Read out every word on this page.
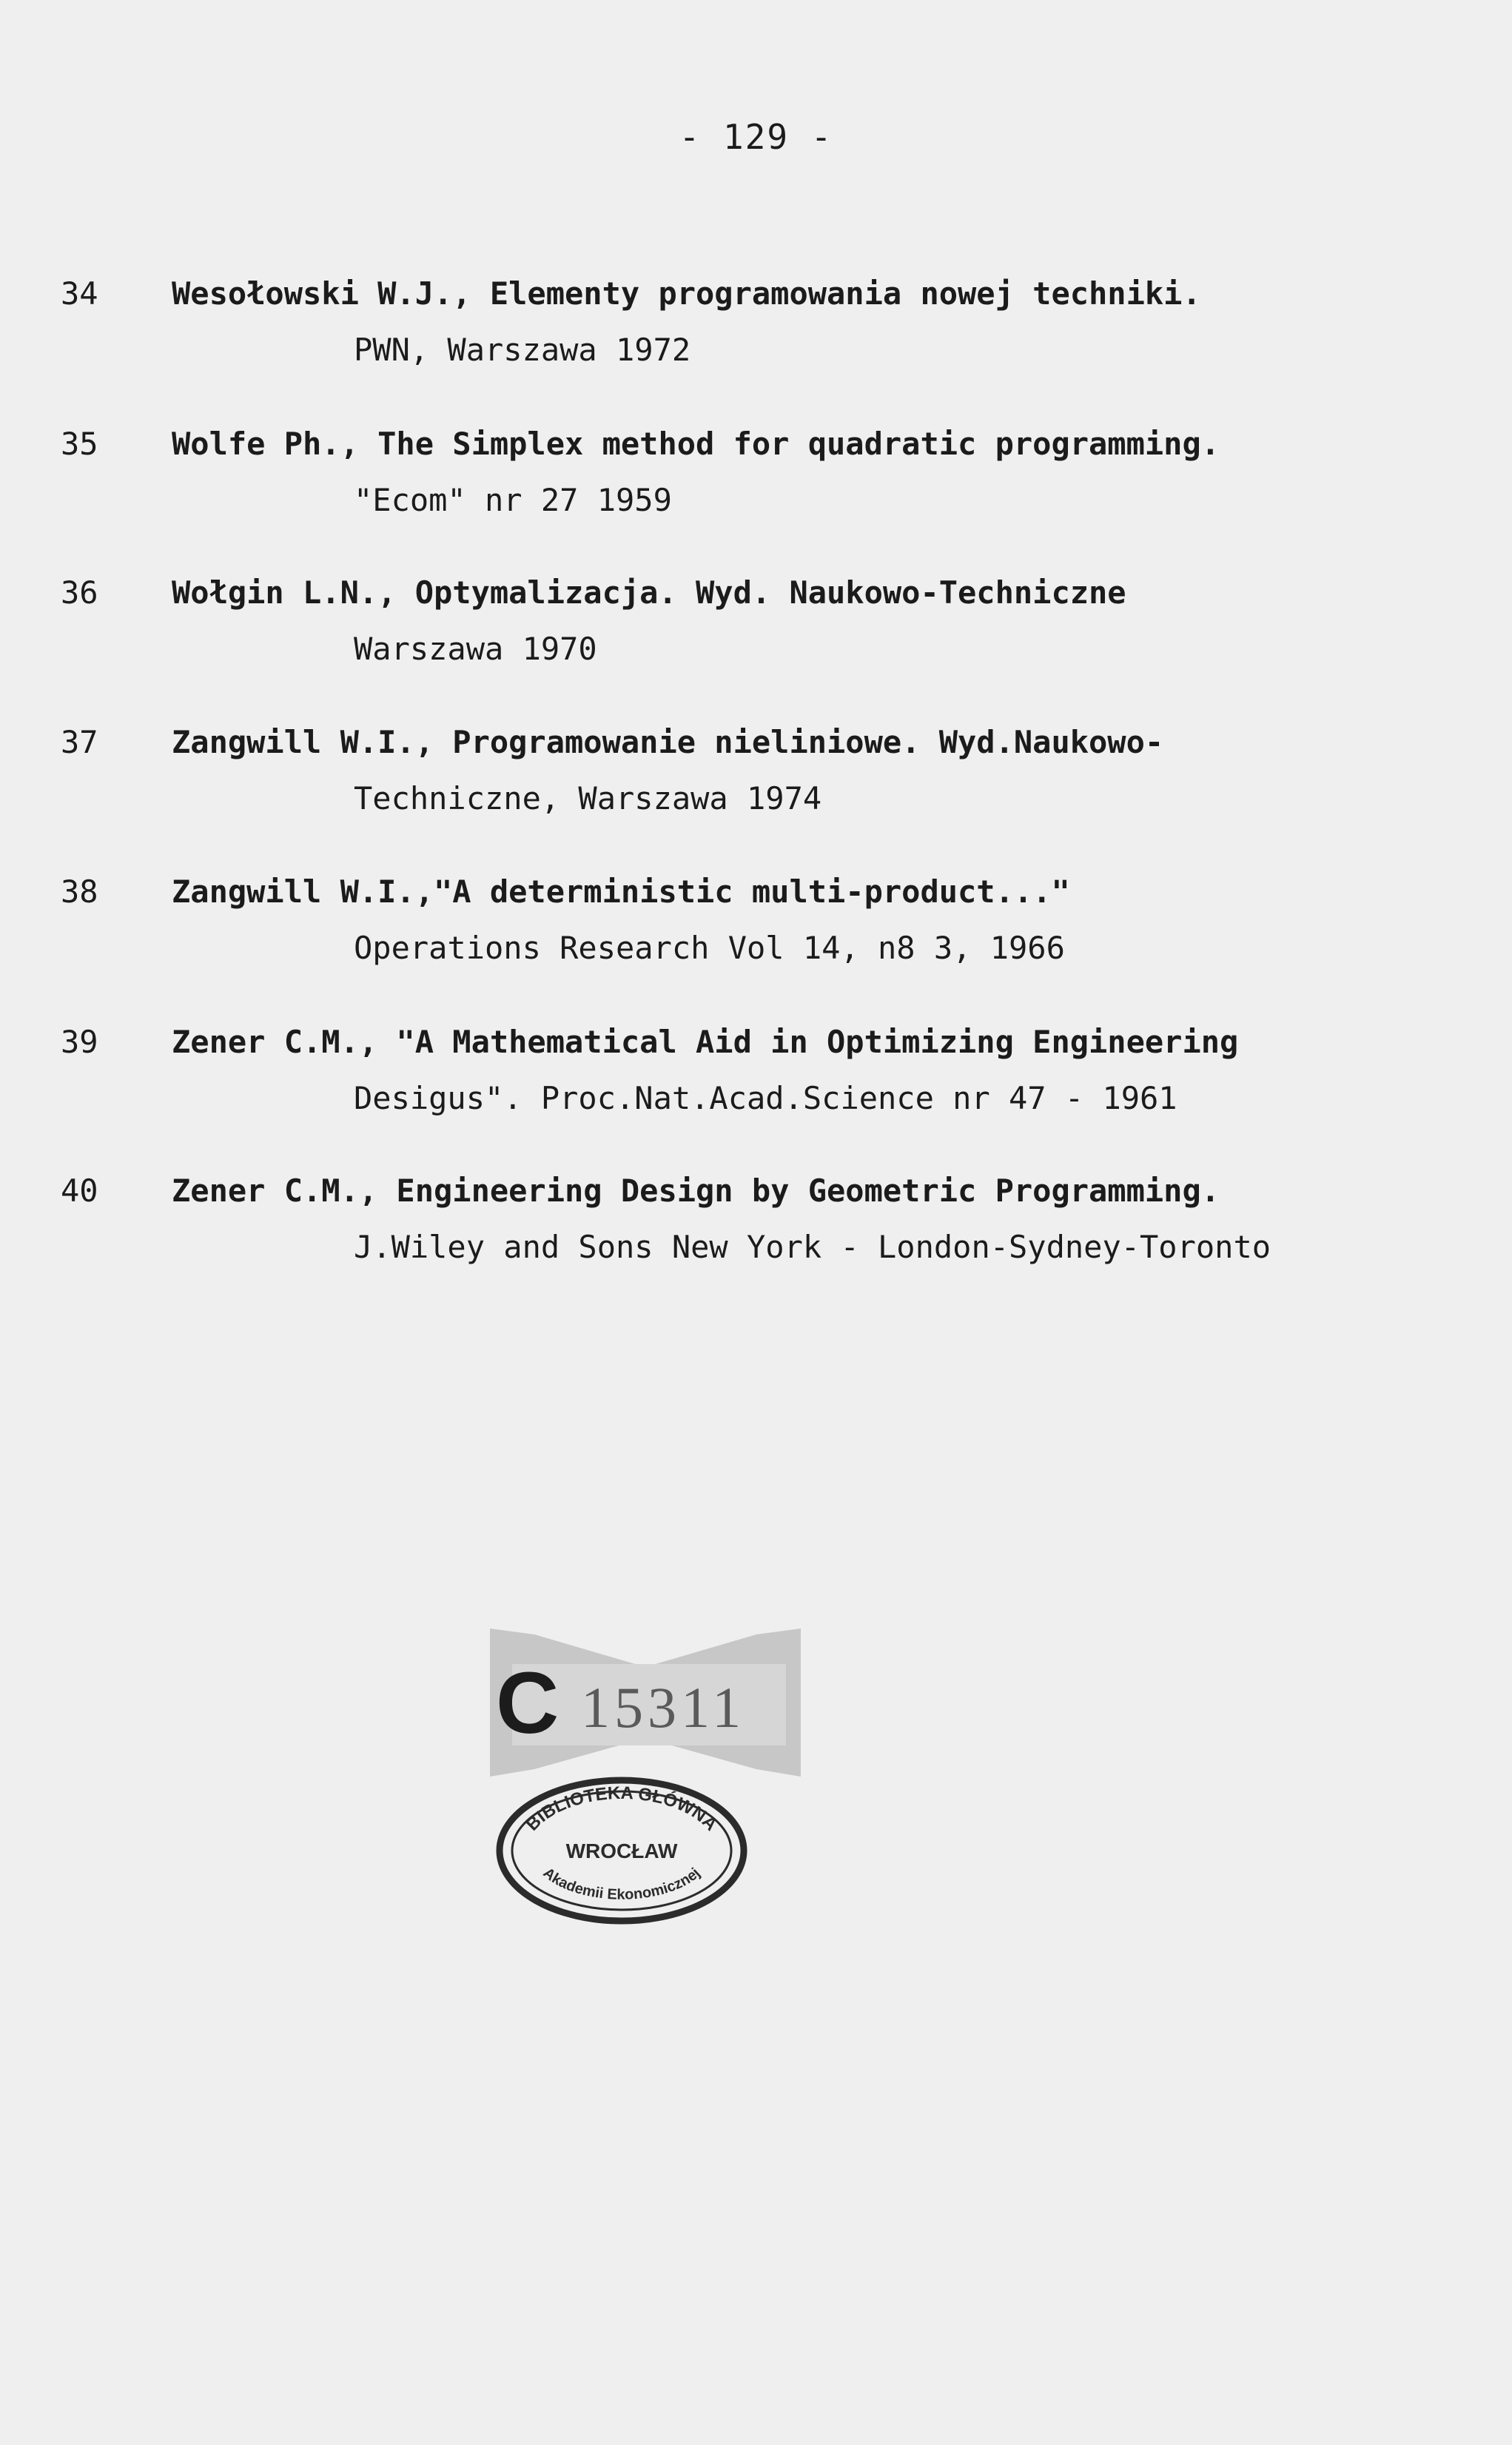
- 129 -
34 Wesołowski W.J., Elementy programowania nowej techniki.
PWN, Warszawa 1972
35 Wolfe Ph., The Simplex method for quadratic programming.
"Ecom" nr 27 1959
36 Wołgin L.N., Optymalizacja. Wyd. Naukowo-Techniczne
Warszawa 1970
37 Zangwill W.I., Programowanie nieliniowe. Wyd.Naukowo-
Techniczne, Warszawa 1974
38 Zangwill W.I.,"A deterministic multi-product..."
Operations Research Vol 14, n8 3, 1966
39 Zener C.M., "A Mathematical Aid in Optimizing Engineering
Desigus". Proc.Nat.Acad.Science nr 47 - 1961
40 Zener C.M., Engineering Design by Geometric Programming.
J.Wiley and Sons New York - London-Sydney-Toronto
C 15311
BIBLIOTEKA GŁÓWNA
WROCŁAW
Akademii Ekonomicznej
